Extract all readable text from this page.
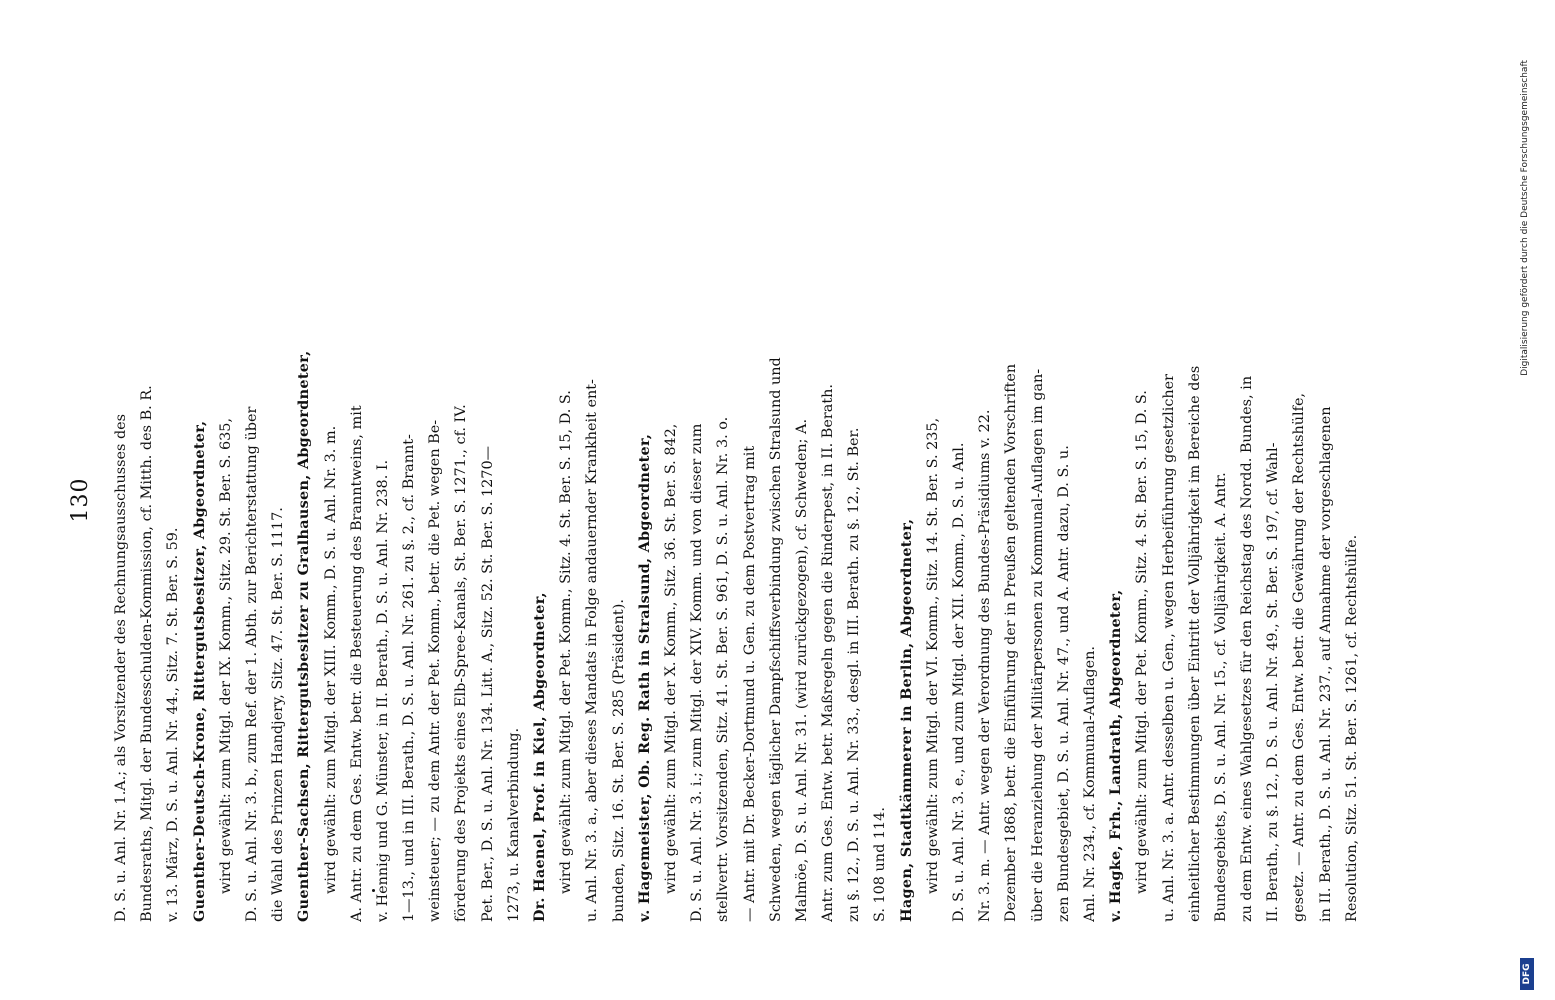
130	D. S. u. Anl. Nr. 1.A.; als Vorsitzender des Rechnungsausschusses des Bundesraths, Mitgl. der Bundesschulden-Kommission, cf. Mitth. des B. R. v. 13. März, D. S. u. Anl. Nr. 44., Sitz. 7. St. Ber. S. 59. Guenther-Deutsch-Krone, Rittergutsbesitzer, Abgeordneter, wird gewählt: zum Mitgl. der IX. Komm., Sitz. 29. St. Ber. S. 635, D. S. u. Anl. Nr. 3. b., zum Ref. der 1. Abth. zur Berichterstattung über die Wahl des Prinzen Handjery, Sitz. 47. St. Ber. S. 1117. Guenther-Sachsen, Rittergutsbesitzer zu Gralhausen, Abgeordneter, wird gewählt: zum Mitgl. der XIII. Komm., D. S. u. Anl. Nr. 3. m. A. Antr. zu dem Ges. Entw. betr. die Besteuerung des Branntweins, mit v. Hennig und G. Münster, in II. Berath., D. S. u. Anl. Nr. 238. I. 1—13., und in III. Berath., D. S. u. Anl. Nr. 261. zu §. 2., cf. Brannt- weinsteuer; — zu dem Antr. der Pet. Komm., betr. die Pet. wegen Be- förderung des Projekts eines Elb-Spree-Kanals, St. Ber. S. 1271., cf. IV. Pet. Ber., D. S. u. Anl. Nr. 134. Litt. A., Sitz. 52. St. Ber. S. 1270— 1273, u. Kanalverbindung. Dr. Haenel, Prof. in Kiel, Abgeordneter, wird gewählt: zum Mitgl. der Pet. Komm., Sitz. 4. St. Ber. S. 15, D. S. u. Anl. Nr. 3. a., aber dieses Mandats in Folge andauernder Krankheit ent- bunden, Sitz. 16. St. Ber. S. 285 (Präsident). v. Hagemeister, Ob. Reg. Rath in Stralsund, Abgeordneter, wird gewählt: zum Mitgl. der X. Komm., Sitz. 36. St. Ber. S. 842, D. S. u. Anl. Nr. 3. i.; zum Mitgl. der XIV. Komm. und von dieser zum stellvertr. Vorsitzenden, Sitz. 41. St. Ber. S. 961, D. S. u. Anl. Nr. 3. o. — Antr. mit Dr. Becker-Dortmund u. Gen. zu dem Postvertrag mit Schweden, wegen täglicher Dampfschiffsverbindung zwischen Stralsund und Malmöe, D. S. u. Anl. Nr. 31. (wird zurückgezogen), cf. Schweden; A. Antr. zum Ges. Entw. betr. Maßregeln gegen die Rinderpest, in II. Berath. zu §. 12., D. S. u. Anl. Nr. 33., desgl. in III. Berath. zu §. 12., St. Ber. S. 108 und 114. Hagen, Stadtkämmerer in Berlin, Abgeordneter, wird gewählt: zum Mitgl. der VI. Komm., Sitz. 14. St. Ber. S. 235, D. S. u. Anl. Nr. 3. e., und zum Mitgl. der XII. Komm., D. S. u. Anl. Nr. 3. m. — Antr. wegen der Verordnung des Bundes-Präsidiums v. 22. Dezember 1868, betr. die Einführung der in Preußen geltenden Vorschriften über die Heranziehung der Militärpersonen zu Kommunal-Auflagen im gan- zen Bundesgebiet, D. S. u. Anl. Nr. 47., und A. Antr. dazu, D. S. u. Anl. Nr. 234., cf. Kommunal-Auflagen. v. Hagke, Frh., Landrath, Abgeordneter, wird gewählt: zum Mitgl. der Pet. Komm., Sitz. 4. St. Ber. S. 15, D. S. u. Anl. Nr. 3. a. Antr. desselben u. Gen., wegen Herbeiführung gesetzlicher einheitlicher Bestimmungen über Eintritt der Volljährigkeit im Bereiche des Bundesgebiets, D. S. u. Anl. Nr. 15., cf. Volljährigkeit. A. Antr. zu dem Entw. eines Wahlgesetzes für den Reichstag des Nordd. Bundes, in II. Berath., zu §. 12., D. S. u. Anl. Nr. 49., St. Ber. S. 197, cf. Wahl- gesetz. — Antr. zu dem Ges. Entw. betr. die Gewährung der Rechtshülfe, in II. Berath., D. S. u. Anl. Nr. 237., auf Annahme der vorgeschlagenen Resolution, Sitz. 51. St. Ber. S. 1261, cf. Rechtshülfe.
DFG
Digitalisierung gefördert durch die Deutsche Forschungsgemeinschaft
